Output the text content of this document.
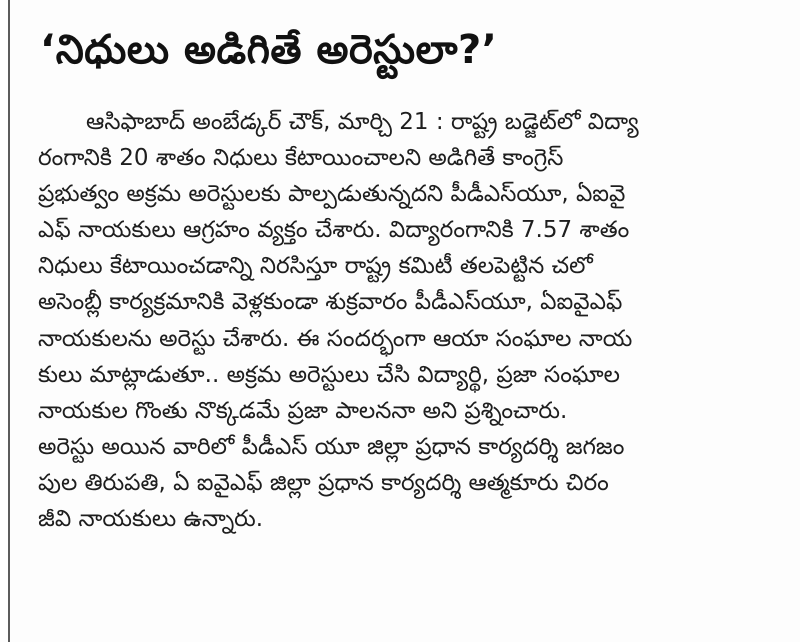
‘నిధులు అడిగితే అరెస్టులా?’
ఆసిఫాబాద్ అంబేడ్కర్ చౌక్, మార్చి 21 : రాష్ట్ర బడ్జెట్‌లో విద్యా
రంగానికి 20 శాతం నిధులు కేటాయించాలని అడిగితే కాంగ్రెస్
ప్రభుత్వం అక్రమ అరెస్టులకు పాల్పడుతున్నదని పీడీఎస్‌యూ, ఏఐవై
ఎఫ్ నాయకులు ఆగ్రహం వ్యక్తం చేశారు. విద్యారంగానికి 7.57 శాతం
నిధులు కేటాయించడాన్ని నిరసిస్తూ రాష్ట్ర కమిటీ తలపెట్టిన చలో
అసెంబ్లీ కార్యక్రమానికి వెళ్లకుండా శుక్రవారం పీడీఎస్‌యూ, ఏఐవైఎఫ్
నాయకులను అరెస్టు చేశారు. ఈ సందర్భంగా ఆయా సంఘాల నాయ
కులు మాట్లాడుతూ.. అక్రమ అరెస్టులు చేసి విద్యార్థి, ప్రజా సంఘాల
నాయకుల గొంతు నొక్కడమే ప్రజా పాలననా అని ప్రశ్నించారు.
అరెస్టు అయిన వారిలో పీడీఎస్ యూ జిల్లా ప్రధాన కార్యదర్శి జగజం
పుల తిరుపతి, ఏ ఐవైఎఫ్ జిల్లా ప్రధాన కార్యదర్శి ఆత్మకూరు చిరం
జీవి నాయకులు ఉన్నారు.
